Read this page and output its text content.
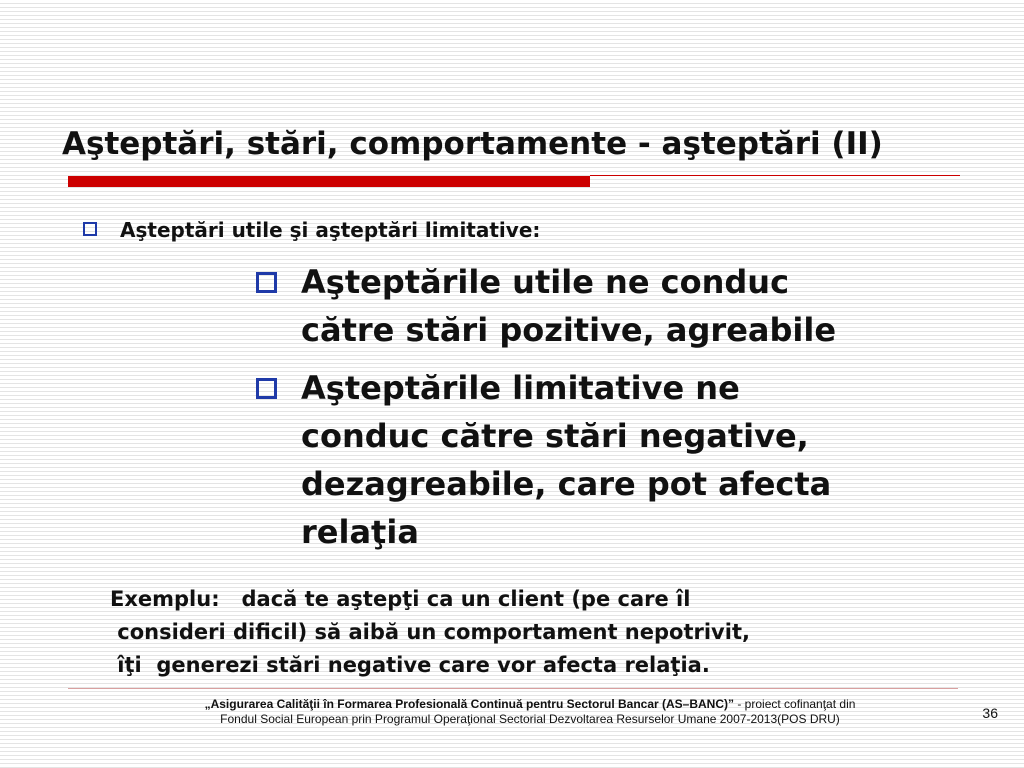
Aşteptări, stări, comportamente - aşteptări (II)
Aşteptări utile şi aşteptări limitative:
Aşteptările utile ne conduc
către stări pozitive, agreabile
Aşteptările limitative ne
conduc către stări negative,
dezagreabile, care pot afecta
relaţia
Exemplu:   dacă te aştepţi ca un client (pe care îl
consideri dificil) să aibă un comportament nepotrivit,
îţi  generezi stări negative care vor afecta relaţia.
„Asigurarea Calităţii în Formarea Profesională Continuă pentru Sectorul Bancar (AS–BANC)” - proiect cofinanţat din
Fondul Social European prin Programul Operaţional Sectorial Dezvoltarea Resurselor Umane 2007-2013(POS DRU)	36
